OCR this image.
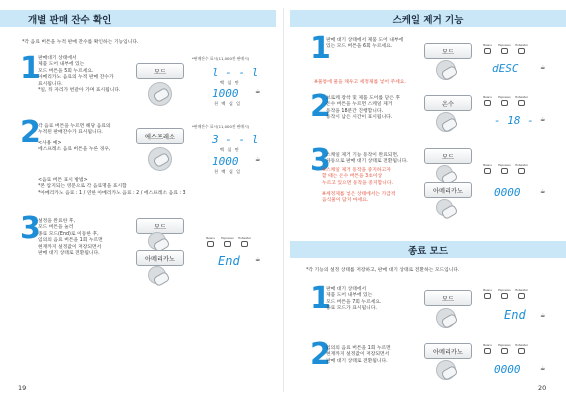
개별 판매 잔수 확인
*각 음료 버튼을 누적 판매 잔수를 확인하는 기능입니다.
1
판매대기 상태에서
제품 도어 내부에 있는
모드 버튼을 5회 누르세요.
아메리카노 음료의 누적 판매 잔수가
표시됩니다.
*일, 뒤 자리가 번갈아 가며 표시됩니다.
모드
*판매잔수 표시(11,000잔 판매시)
l - - l
백 십 만
1000
천 백 십 일
☕
2
각 음료 버튼을 누르면 해당 음료의
누적된 판매잔수가 표시됩니다.
<사용 예>
에스프레소 음료 버튼을 누른 경우,
<음료 버튼 표시 방법>
*본 압지되는 영문으로 각 음료명을 표시함
*아메리카노 음료 : 1 / 연한 아메리카노 음료 : 2 / 에스프레소 음료 : 3
에스프레소
*판매잔수 표시(11,000잔 판매시)
3 - - l
백 십 만
1000
천 백 십 일
☕
3
설정을 완료한 후,
모드 버튼을 눌러
종료 모드(End)로 이동한 후,
임의의 음료 버튼을 1회 누르면
현재까지 설정값이 저장되면서
판매 대기 상태로 전환됩니다.
모드
아메리카노
Beans Espresso Hotwater
End	☕
19
스케일 제거 기능
1
판매 대기 상태에서 제품 도어 내부에
있는 모드 버튼을 6회 누르세요.
※물통에 물을 채우고 세정제를 넣어 주세요.
모드
Beans Espresso Hotwater
dESC	☕
2
브로케 장착 및 제품 도어를 닫은 후
온수 버튼을 누르면 스케일 제거
동작을 18분간 진행합니다.
동작시 남은 시간이 표시됩니다.
온수
Beans Espresso Hotwater
- 18 - ☕
3
스케일 제거 기능 동작이 완료되면,
자동으로 판매 대기 상태로 전환됩니다.
※스케일 제거 동작을 중지하고자
할 때는 온수 버튼을 3초이상
누르고 있으면 동작을 중지합니다.
※세정제를 넣은 상태에서는 가급적
음식물이 담지 마세요.
모드
아메리카노
Beans Espresso Hotwater
0000	☕
종료 모드
*각 기능의 설정 상태를 저장하고, 판매 대기 상태로 전환하는 모드입니다.
1
판매 대기 상태에서
제품 도어 내부에 있는
모드 버튼을 7회 누르세요.
종료 모드가 표시됩니다.
모드
Beans Espresso Hotwater
End ☕
2
임의의 음료 버튼을 1회 누르면
현재까지 설정값이 저장되면서
판매 대기 상태로 전환됩니다.
아메리카노
Beans Espresso Hotwater
0000	☕
20
